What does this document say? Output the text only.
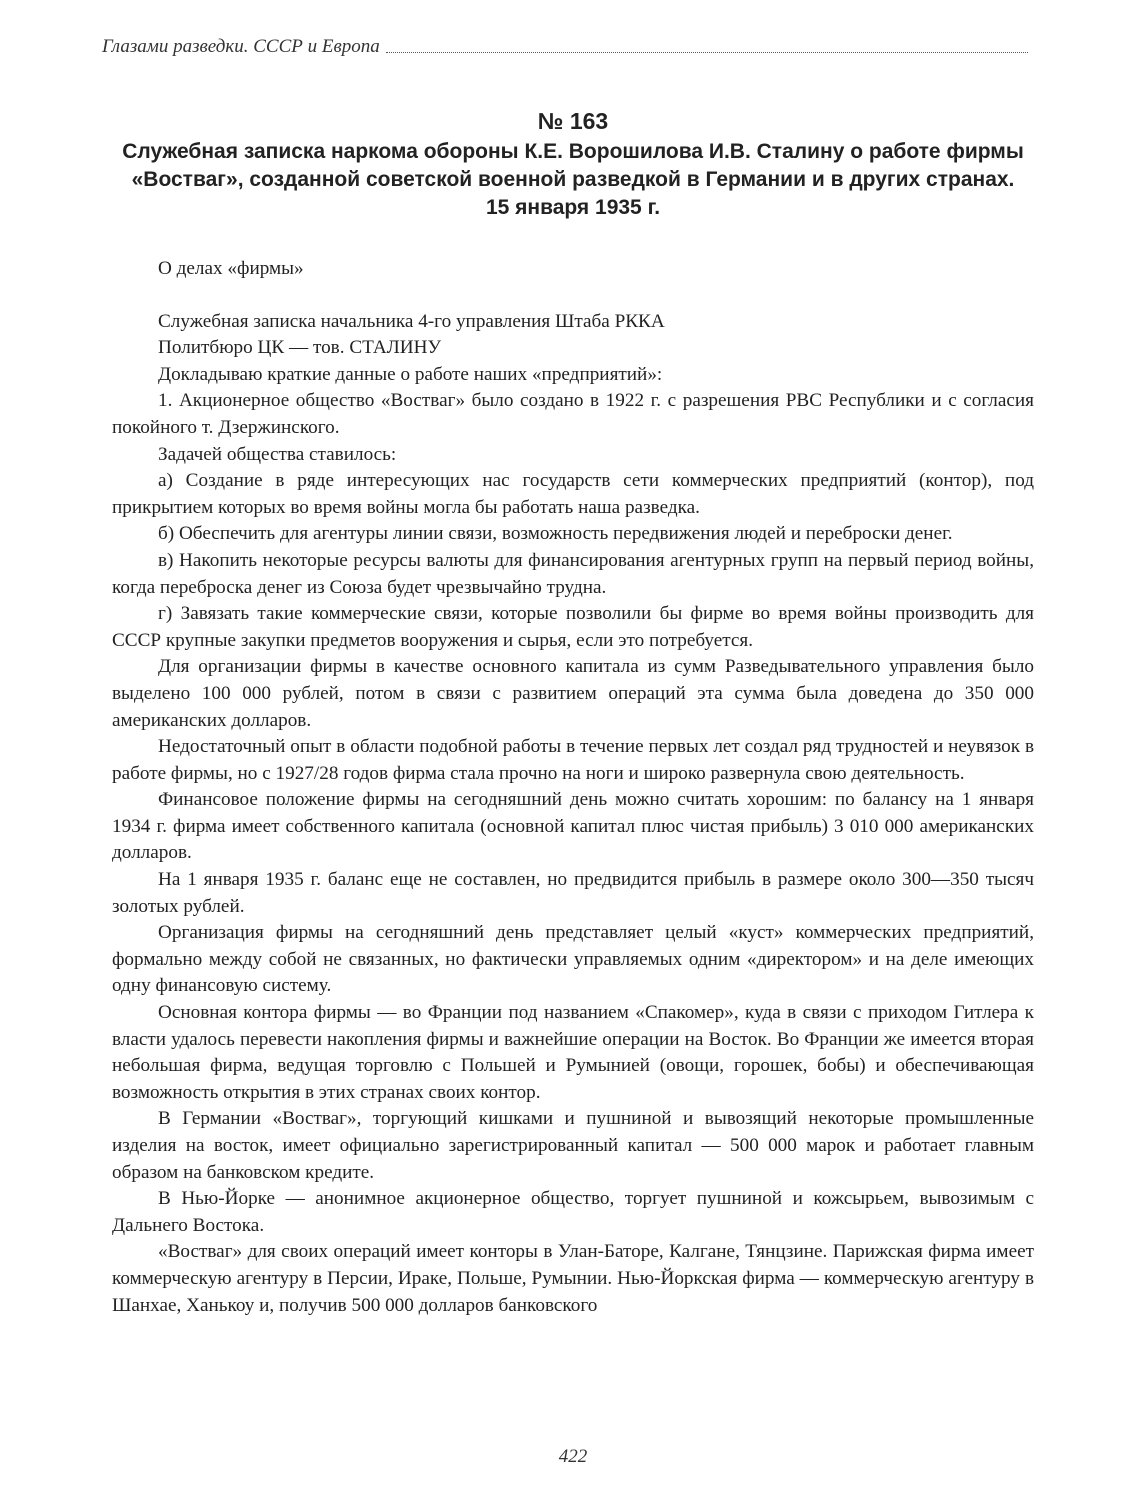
Глазами разведки. СССР и Европа
№ 163
Служебная записка наркома обороны К.Е. Ворошилова И.В. Сталину о работе фирмы «Востваг», созданной советской военной разведкой в Германии и в других странах. 15 января 1935 г.

О делах «фирмы»

Служебная записка начальника 4-го управления Штаба РККА

Политбюро ЦК — тов. СТАЛИНУ

Докладываю краткие данные о работе наших «предприятий»:

1. Акционерное общество «Востваг» было создано в 1922 г. с разрешения РВС Республики и с согласия покойного т. Дзержинского.

Задачей общества ставилось:

а) Создание в ряде интересующих нас государств сети коммерческих предприятий (контор), под прикрытием которых во время войны могла бы работать наша разведка.

б) Обеспечить для агентуры линии связи, возможность передвижения людей и переброски денег.

в) Накопить некоторые ресурсы валюты для финансирования агентурных групп на первый период войны, когда переброска денег из Союза будет чрезвычайно трудна.

г) Завязать такие коммерческие связи, которые позволили бы фирме во время войны производить для СССР крупные закупки предметов вооружения и сырья, если это потребуется.

Для организации фирмы в качестве основного капитала из сумм Разведывательного управления было выделено 100 000 рублей, потом в связи с развитием операций эта сумма была доведена до 350 000 американских долларов.

Недостаточный опыт в области подобной работы в течение первых лет создал ряд трудностей и неувязок в работе фирмы, но с 1927/28 годов фирма стала прочно на ноги и широко развернула свою деятельность.

Финансовое положение фирмы на сегодняшний день можно считать хорошим: по балансу на 1 января 1934 г. фирма имеет собственного капитала (основной капитал плюс чистая прибыль) 3 010 000 американских долларов.

На 1 января 1935 г. баланс еще не составлен, но предвидится прибыль в размере около 300—350 тысяч золотых рублей.

Организация фирмы на сегодняшний день представляет целый «куст» коммерческих предприятий, формально между собой не связанных, но фактически управляемых одним «директором» и на деле имеющих одну финансовую систему.

Основная контора фирмы — во Франции под названием «Спакомер», куда в связи с приходом Гитлера к власти удалось перевести накопления фирмы и важнейшие операции на Восток. Во Франции же имеется вторая небольшая фирма, ведущая торговлю с Польшей и Румынией (овощи, горошек, бобы) и обеспечивающая возможность открытия в этих странах своих контор.

В Германии «Востваг», торгующий кишками и пушниной и вывозящий некоторые промышленные изделия на восток, имеет официально зарегистрированный капитал — 500 000 марок и работает главным образом на банковском кредите.

В Нью-Йорке — анонимное акционерное общество, торгует пушниной и кожсырьем, вывозимым с Дальнего Востока.

«Востваг» для своих операций имеет конторы в Улан-Баторе, Калгане, Тянцзине. Парижская фирма имеет коммерческую агентуру в Персии, Ираке, Польше, Румынии. Нью-Йоркская фирма — коммерческую агентуру в Шанхае, Ханькоу и, получив 500 000 долларов банковского

422
